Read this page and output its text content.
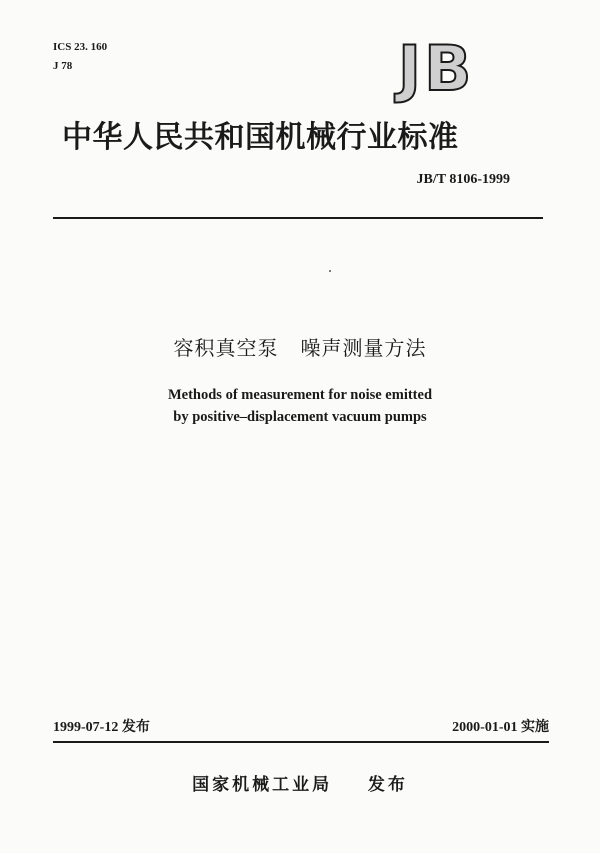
ICS 23. 160
J 78	JB
中华人民共和国机械行业标准
JB/T 8106-1999
容积真空泵   噪声测量方法
Methods of measurement for noise emitted
by positive–displacement vacuum pumps
1999-07-12 发布	2000-01-01 实施
国家机械工业局    发布
